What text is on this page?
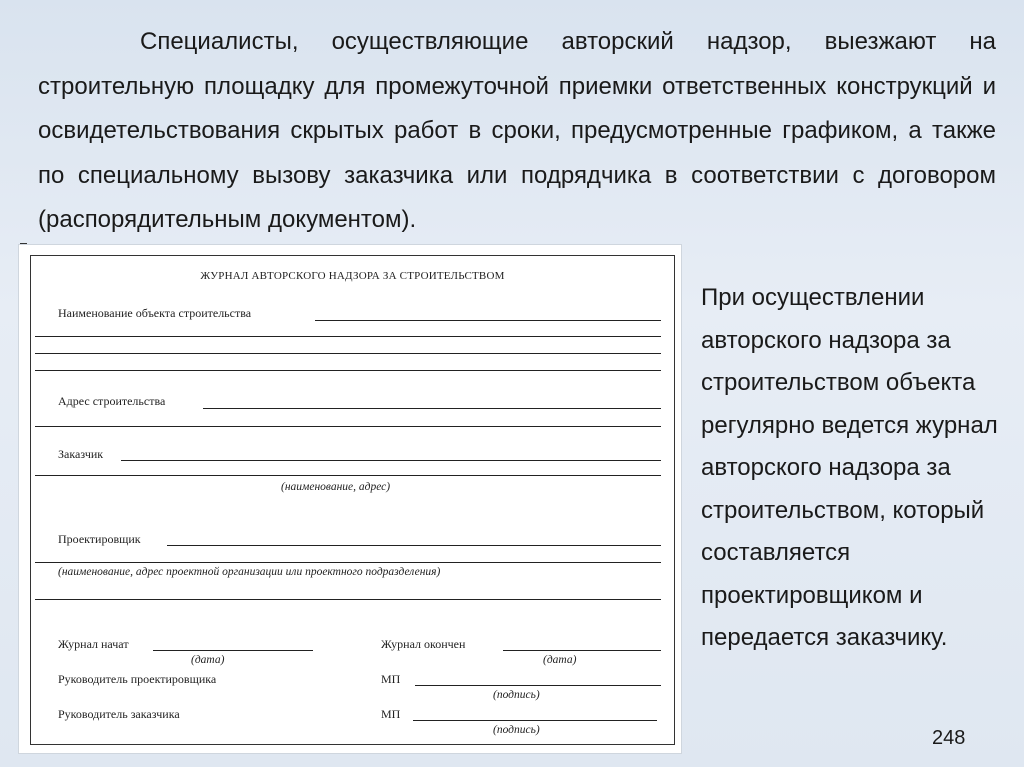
Специалисты, осуществляющие авторский надзор, выезжают на строительную площадку для промежуточной приемки ответственных конструкций и освидетельствования скрытых работ в сроки, предусмотренные графиком, а также по специальному вызову заказчика или подрядчика в соответствии с договором (распорядительным документом).

ЖУРНАЛ АВТОРСКОГО НАДЗОРА ЗА СТРОИТЕЛЬСТВОМ
Наименование объекта строительства
Адрес строительства
Заказчик
(наименование, адрес)
Проектировщик
(наименование, адрес проектной организации или проектного подразделения)
Журнал начат
(дата)
Журнал окончен
(дата)
Руководитель проектировщика	МП
(подпись)
Руководитель заказчика	МП
(подпись)

При осуществлении авторского надзора за строительством объекта регулярно ведется журнал авторского надзора за строительством, который составляется проектировщиком и передается заказчику.

248
